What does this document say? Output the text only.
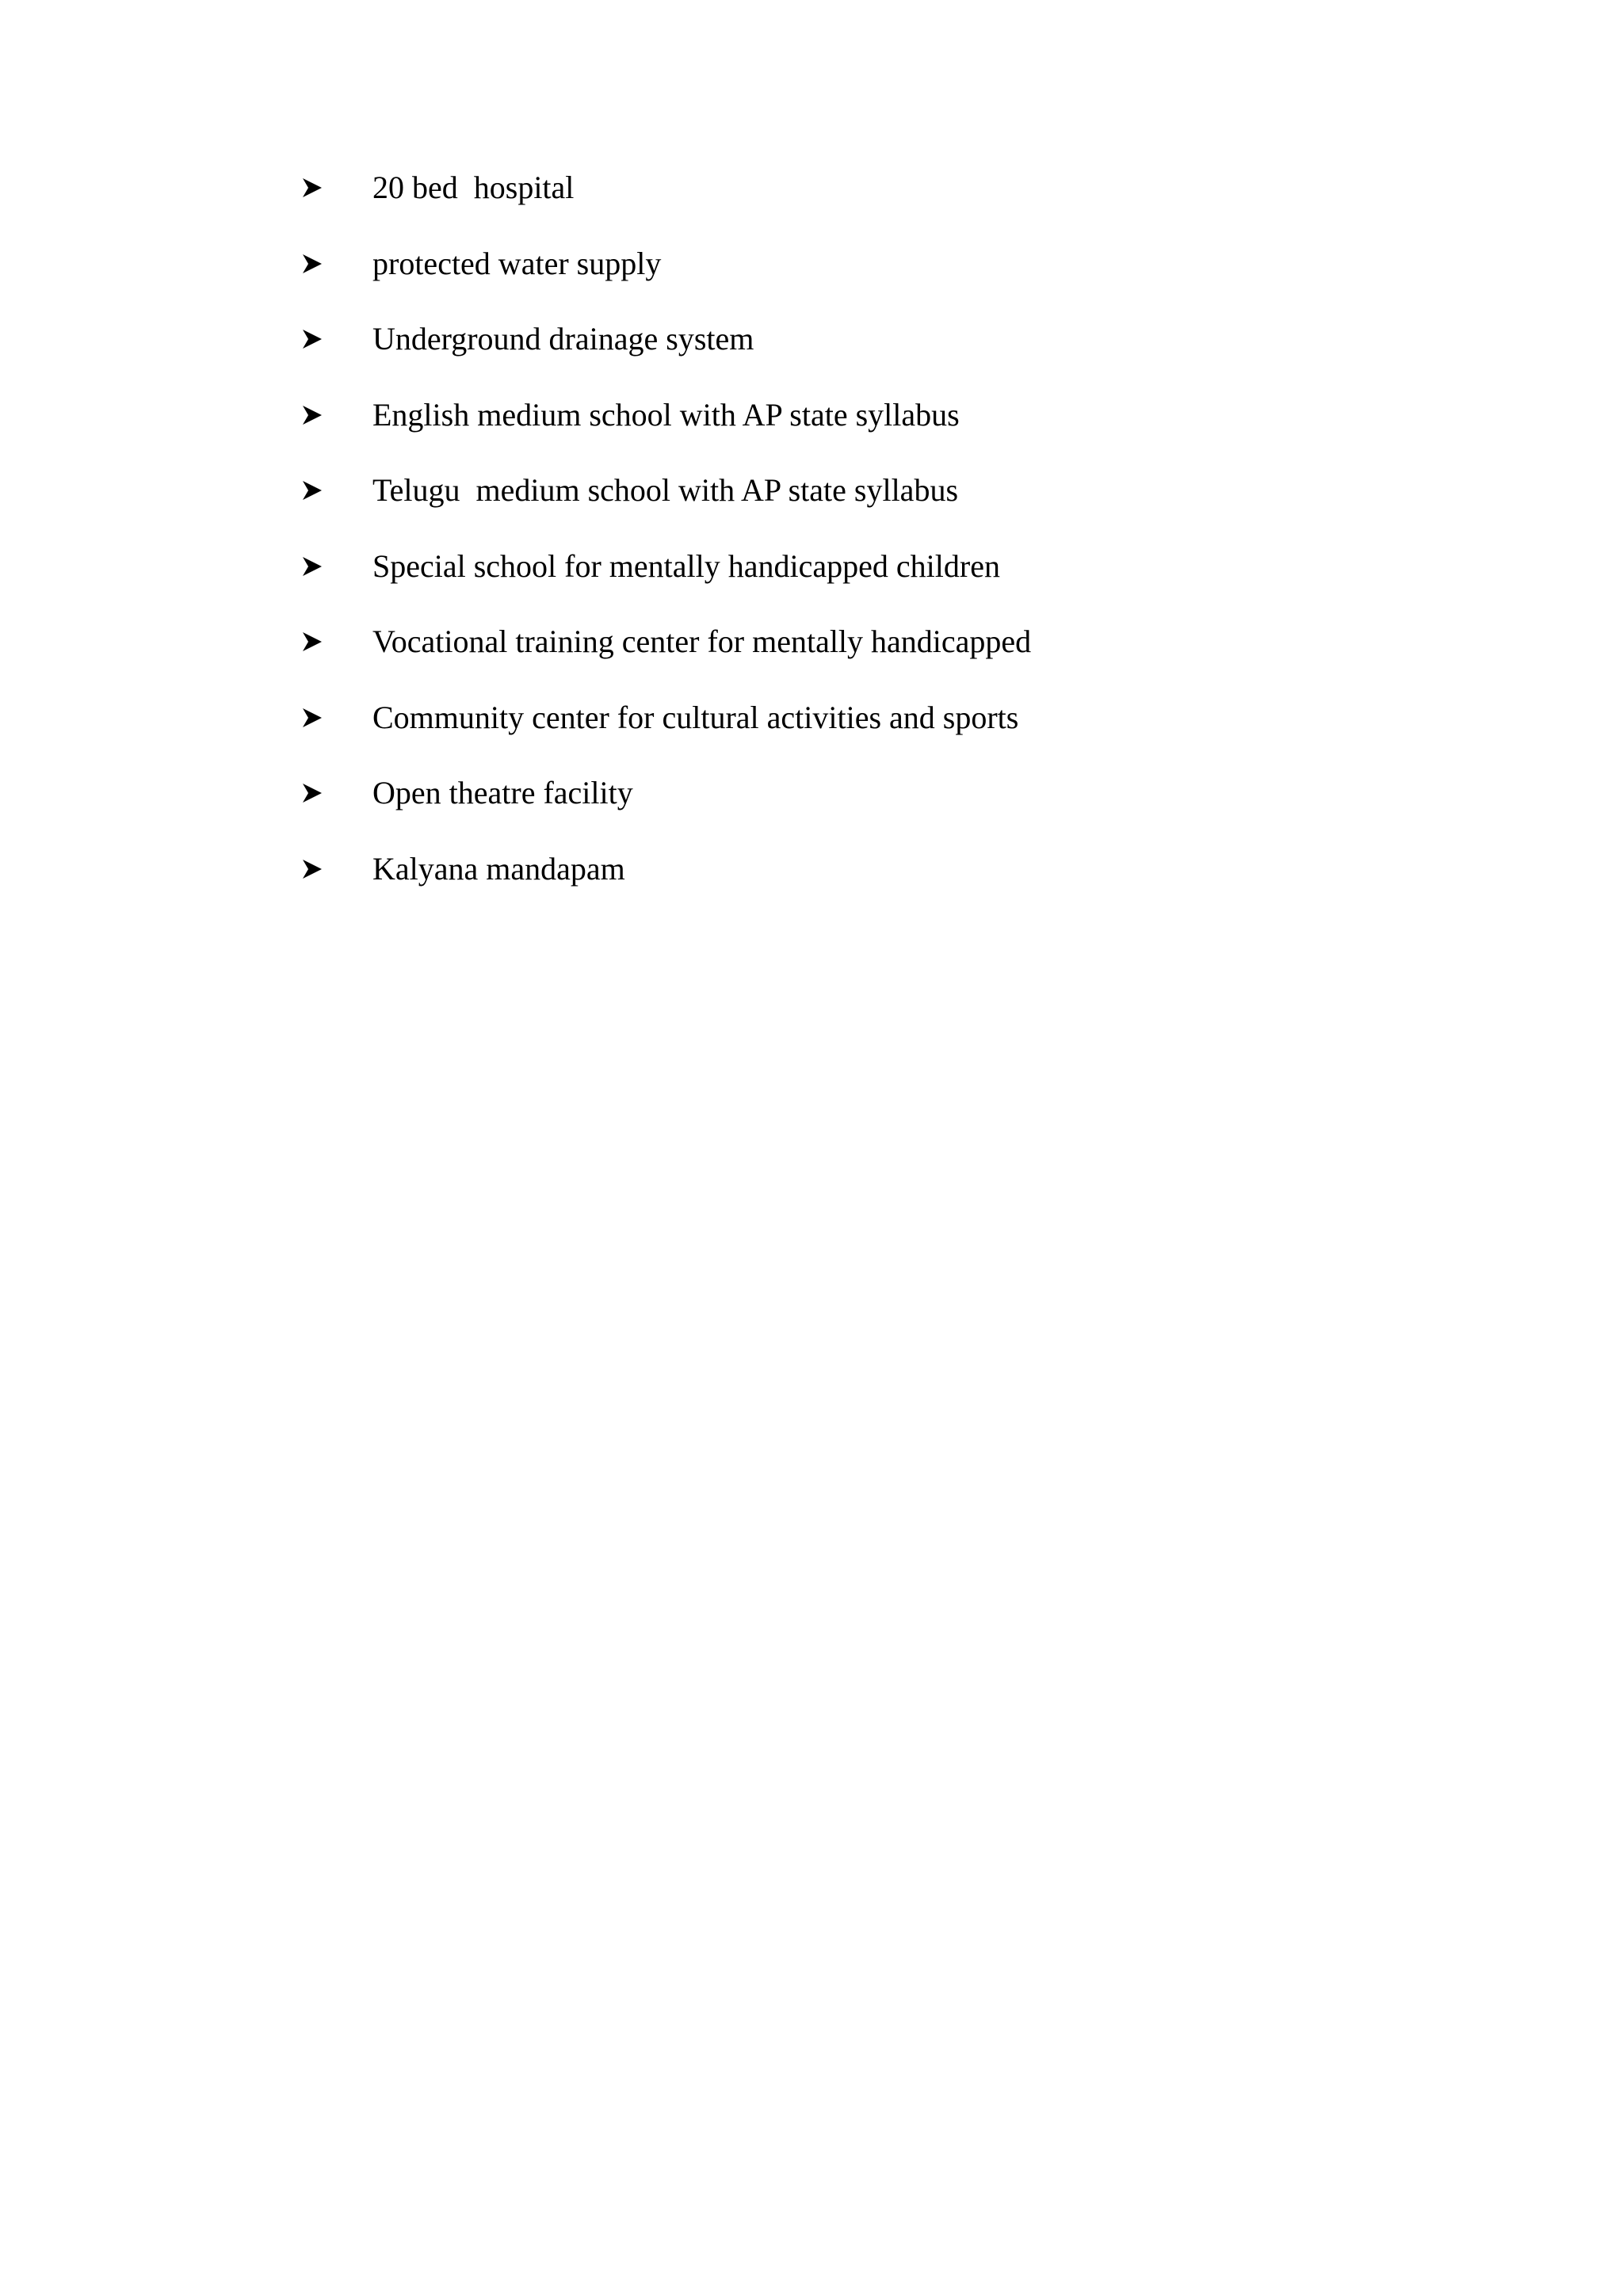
20 bed  hospital
protected water supply
Underground drainage system
English medium school with AP state syllabus
Telugu  medium school with AP state syllabus
Special school for mentally handicapped children
Vocational training center for mentally handicapped
Community center for cultural activities and sports
Open theatre facility
Kalyana mandapam
